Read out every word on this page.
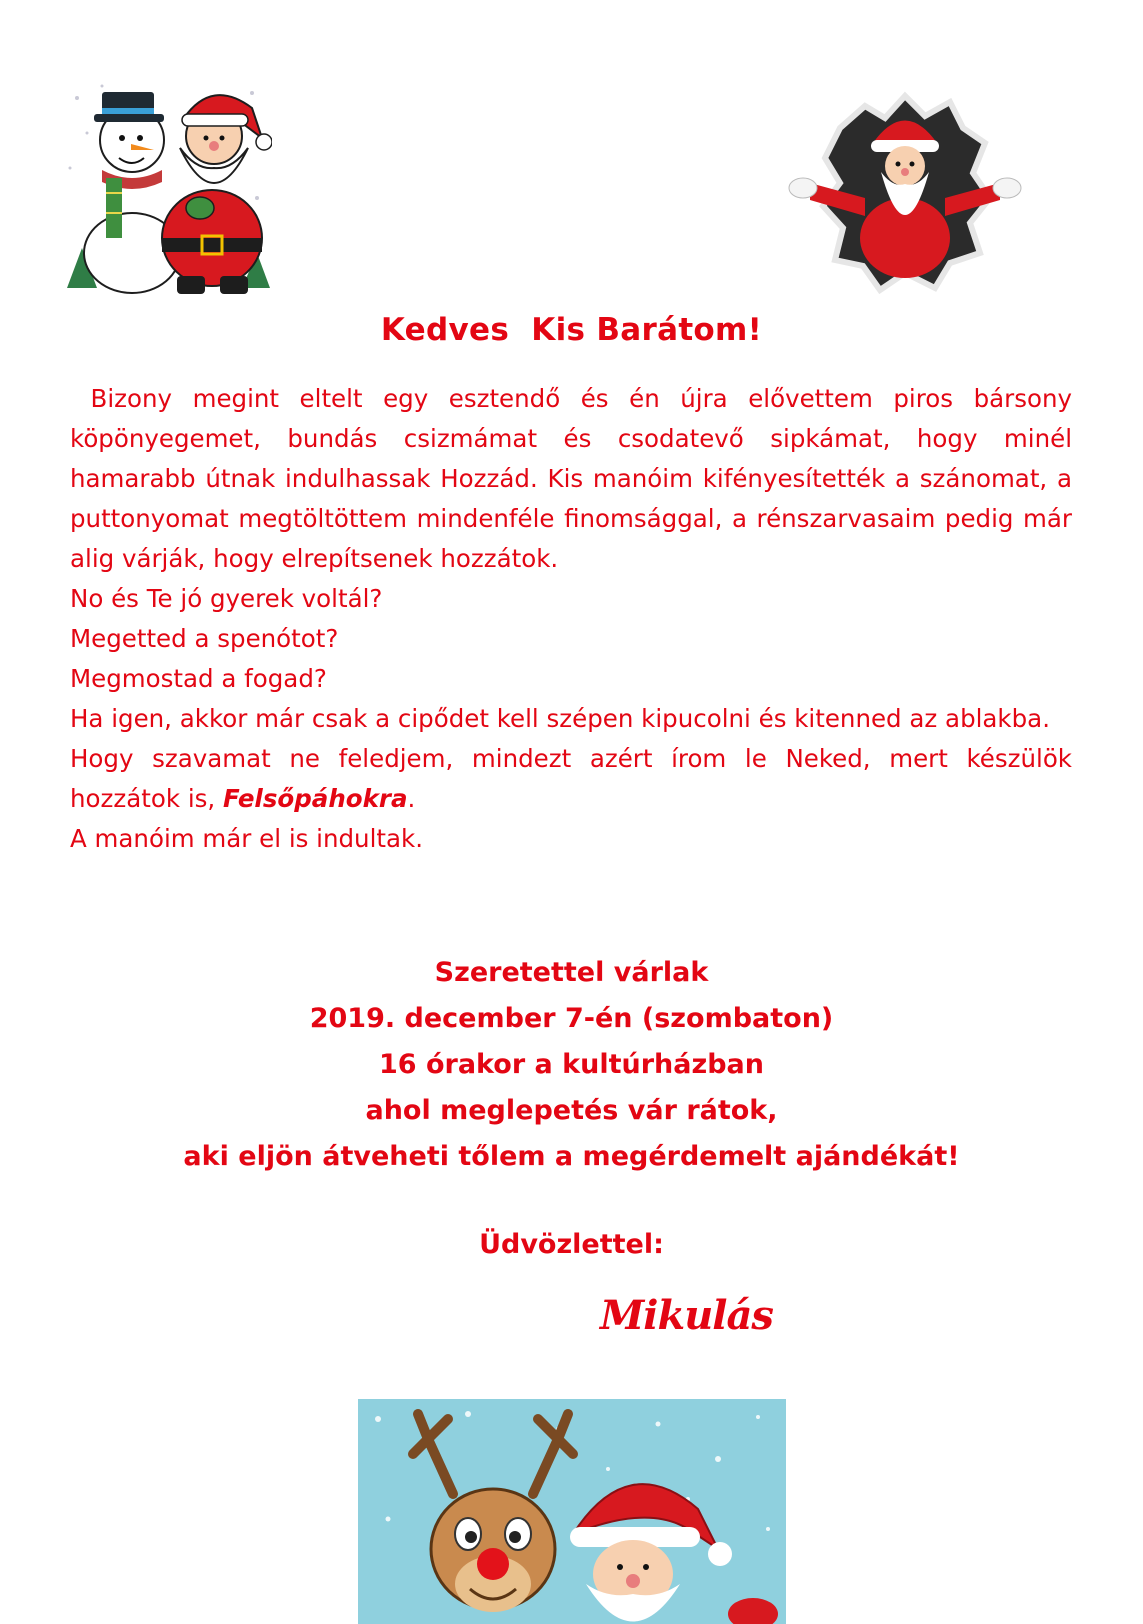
Kedves  Kis Barátom!

Bizony megint eltelt egy esztendő és én újra elővettem piros bársony köpönyegemet, bundás csizmámat és csodatevő sipkámat, hogy minél hamarabb útnak indulhassak Hozzád. Kis manóim kifényesítették a szánomat, a puttonyomat megtöltöttem mindenféle finomsággal, a rénszarvasaim pedig már alig várják, hogy elrepítsenek hozzátok.

No és Te jó gyerek voltál?

Megetted a spenótot?

Megmostad a fogad?

Ha igen, akkor már csak a cipődet kell szépen kipucolni és kitenned az ablakba.

Hogy szavamat ne feledjem, mindezt azért írom le Neked, mert készülök hozzátok is, Felsőpáhokra.

A manóim már el is indultak.

Szeretettel várlak
2019. december 7-én (szombaton)
16 órakor a kultúrházban
ahol meglepetés vár rátok,
aki eljön átveheti tőlem a megérdemelt ajándékát!
Üdvözlettel:
Mikulás
